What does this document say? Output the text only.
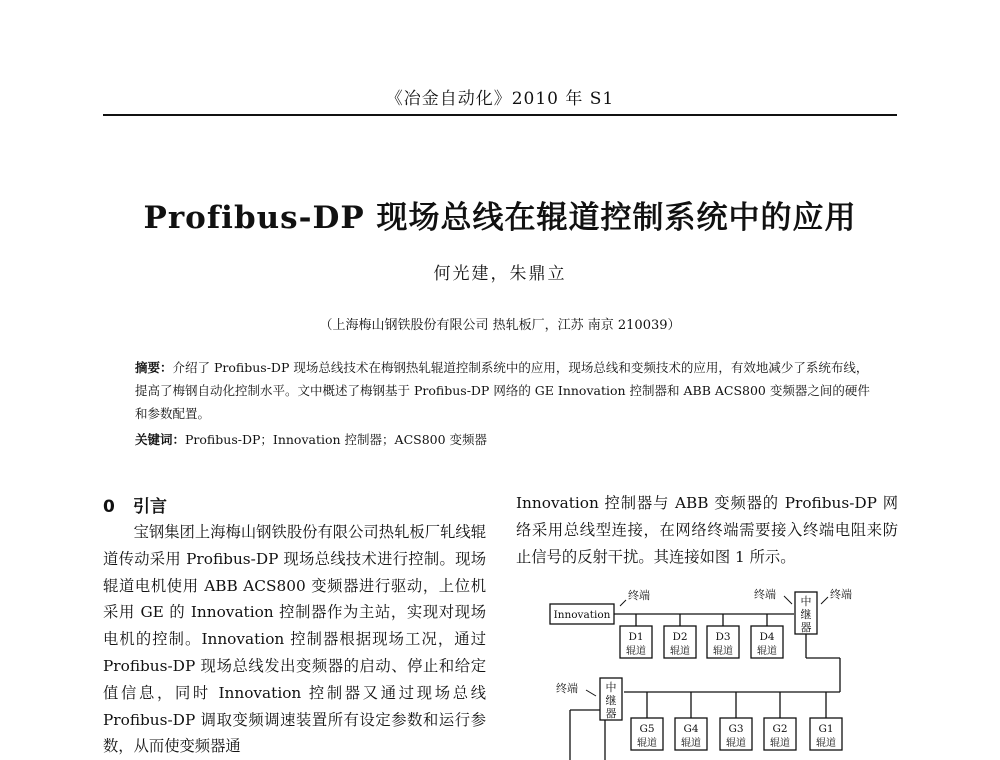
《冶金自动化》2010 年 S1
Profibus-DP 现场总线在辊道控制系统中的应用
何光建，朱鼎立
（上海梅山钢铁股份有限公司 热轧板厂，江苏 南京 210039）
摘要：介绍了 Profibus-DP 现场总线技术在梅钢热轧辊道控制系统中的应用，现场总线和变频技术的应用，有效地减少了系统布线，提高了梅钢自动化控制水平。文中概述了梅钢基于 Profibus-DP 网络的 GE Innovation 控制器和 ABB ACS800 变频器之间的硬件和参数配置。
关键词：Profibus-DP；Innovation 控制器；ACS800 变频器
0 引言

宝钢集团上海梅山钢铁股份有限公司热轧板厂轧线辊道传动采用 Profibus-DP 现场总线技术进行控制。现场辊道电机使用 ABB ACS800 变频器进行驱动，上位机采用 GE 的 Innovation 控制器作为主站，实现对现场电机的控制。Innovation 控制器根据现场工况，通过 Profibus-DP 现场总线发出变频器的启动、停止和给定值信息，同时 Innovation 控制器又通过现场总线 Profibus-DP 调取变频调速装置所有设定参数和运行参数，从而使变频器通

Innovation 控制器与 ABB 变频器的 Profibus-DP 网络采用总线型连接，在网络终端需要接入终端电阻来防止信号的反射干扰。其连接如图 1 所示。

Innovation
终端	中
继
器
终端	终端
D1
辊道
D2
辊道
D3
辊道
D4
辊道
中
继
器
终端
G5
辊道
G4
辊道
G3
辊道
G2
辊道
G1
辊道
